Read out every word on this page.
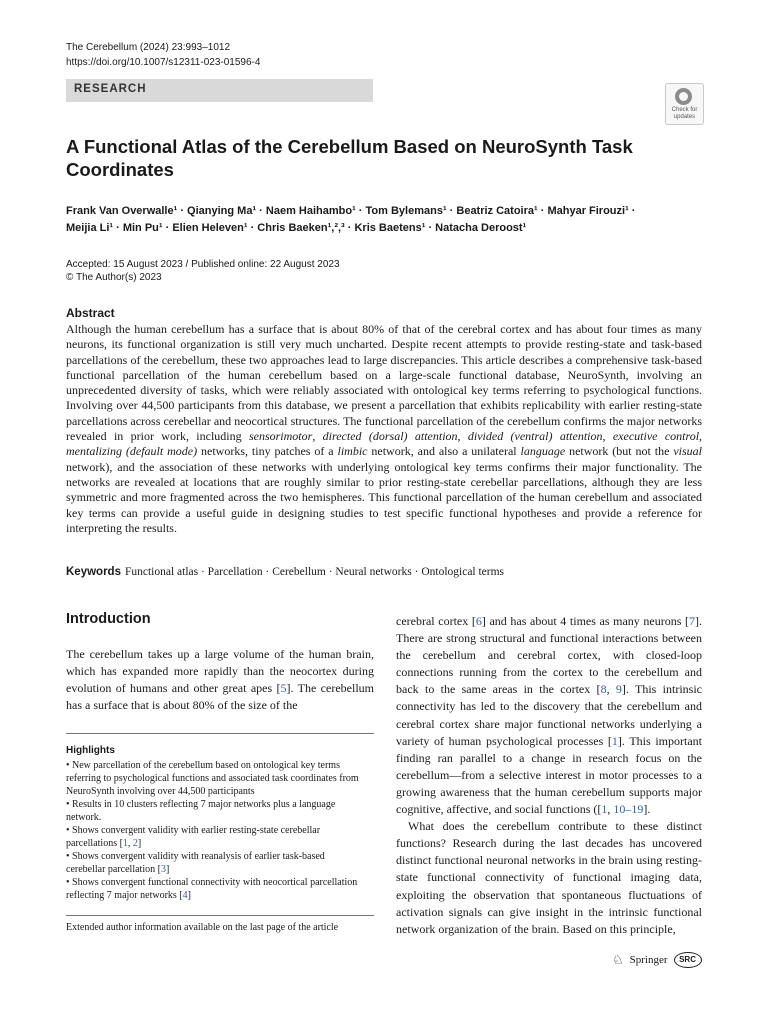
The Cerebellum (2024) 23:993–1012
https://doi.org/10.1007/s12311-023-01596-4
RESEARCH
Check for updates
A Functional Atlas of the Cerebellum Based on NeuroSynth Task Coordinates
Frank Van Overwalle¹ · Qianying Ma¹ · Naem Haihambo¹ · Tom Bylemans¹ · Beatriz Catoira¹ · Mahyar Firouzi¹ ·
Meijia Li¹ · Min Pu¹ · Elien Heleven¹ · Chris Baeken¹,²,³ · Kris Baetens¹ · Natacha Deroost¹
Accepted: 15 August 2023 / Published online: 22 August 2023
© The Author(s) 2023
Abstract

Although the human cerebellum has a surface that is about 80% of that of the cerebral cortex and has about four times as many neurons, its functional organization is still very much uncharted. Despite recent attempts to provide resting-state and task-based parcellations of the cerebellum, these two approaches lead to large discrepancies. This article describes a comprehensive task-based functional parcellation of the human cerebellum based on a large-scale functional database, NeuroSynth, involving an unprecedented diversity of tasks, which were reliably associated with ontological key terms referring to psychological functions. Involving over 44,500 participants from this database, we present a parcellation that exhibits replicability with earlier resting-state parcellations across cerebellar and neocortical structures. The functional parcellation of the cerebellum confirms the major networks revealed in prior work, including sensorimotor, directed (dorsal) attention, divided (ventral) attention, executive control, mentalizing (default mode) networks, tiny patches of a limbic network, and also a unilateral language network (but not the visual network), and the association of these networks with underlying ontological key terms confirms their major functionality. The networks are revealed at locations that are roughly similar to prior resting-state cerebellar parcellations, although they are less symmetric and more fragmented across the two hemispheres. This functional parcellation of the human cerebellum and associated key terms can provide a useful guide in designing studies to test specific functional hypotheses and provide a reference for interpreting the results.

Keywords Functional atlas · Parcellation · Cerebellum · Neural networks · Ontological terms
Introduction

The cerebellum takes up a large volume of the human brain, which has expanded more rapidly than the neocortex during evolution of humans and other great apes [5]. The cerebellum has a surface that is about 80% of the size of the

cerebral cortex [6] and has about 4 times as many neurons [7]. There are strong structural and functional interactions between the cerebellum and cerebral cortex, with closed-loop connections running from the cortex to the cerebellum and back to the same areas in the cortex [8, 9]. This intrinsic connectivity has led to the discovery that the cerebellum and cerebral cortex share major functional networks underlying a variety of human psychological processes [1]. This important finding ran parallel to a change in research focus on the cerebellum—from a selective interest in motor processes to a growing awareness that the human cerebellum supports major cognitive, affective, and social functions ([1, 10–19].

What does the cerebellum contribute to these distinct functions? Research during the last decades has uncovered distinct functional neuronal networks in the brain using resting-state functional connectivity of functional imaging data, exploiting the observation that spontaneous fluctuations of activation signals can give insight in the intrinsic functional network organization of the brain. Based on this principle,

Highlights
• New parcellation of the cerebellum based on ontological key terms referring to psychological functions and associated task coordinates from NeuroSynth involving over 44,500 participants
• Results in 10 clusters reflecting 7 major networks plus a language network.
• Shows convergent validity with earlier resting-state cerebellar parcellations [1, 2]
• Shows convergent validity with reanalysis of earlier task-based cerebellar parcellation [3]
• Shows convergent functional connectivity with neocortical parcellation reflecting 7 major networks [4]
Extended author information available on the last page of the article
♘ Springer	SRC
